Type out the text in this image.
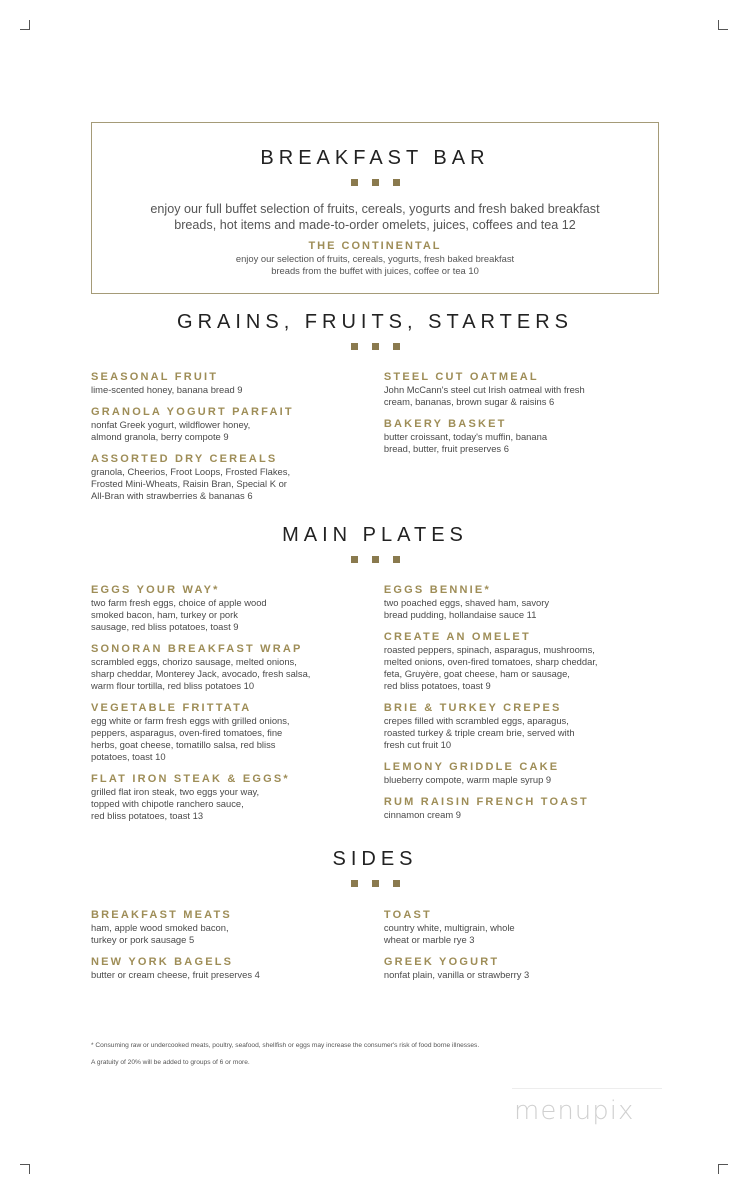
BREAKFAST BAR
enjoy our full buffet selection of fruits, cereals, yogurts and fresh baked breakfast
breads, hot items and made-to-order omelets, juices, coffees and tea 12
THE CONTINENTAL
enjoy our selection of fruits, cereals, yogurts, fresh baked breakfast
breads from the buffet with juices, coffee or tea 10
GRAINS, FRUITS, STARTERS
SEASONAL FRUIT
lime-scented honey, banana bread 9
GRANOLA YOGURT PARFAIT
nonfat Greek yogurt, wildflower honey,
almond granola, berry compote 9
ASSORTED DRY CEREALS
granola, Cheerios, Froot Loops, Frosted Flakes,
Frosted Mini-Wheats, Raisin Bran, Special K or
All-Bran with strawberries & bananas 6
STEEL CUT OATMEAL
John McCann's steel cut Irish oatmeal with fresh
cream, bananas, brown sugar & raisins 6
BAKERY BASKET
butter croissant, today's muffin, banana
bread, butter, fruit preserves 6
MAIN PLATES
EGGS YOUR WAY*
two farm fresh eggs, choice of apple wood
smoked bacon, ham, turkey or pork
sausage, red bliss potatoes, toast 9
SONORAN BREAKFAST WRAP
scrambled eggs, chorizo sausage, melted onions,
sharp cheddar, Monterey Jack, avocado, fresh salsa,
warm flour tortilla, red bliss potatoes 10
VEGETABLE FRITTATA
egg white or farm fresh eggs with grilled onions,
peppers, asparagus, oven-fired tomatoes, fine
herbs, goat cheese, tomatillo salsa, red bliss
potatoes, toast 10
FLAT IRON STEAK & EGGS*
grilled flat iron steak, two eggs your way,
topped with chipotle ranchero sauce,
red bliss potatoes, toast 13
EGGS BENNIE*
two poached eggs, shaved ham, savory
bread pudding, hollandaise sauce 11
CREATE AN OMELET
roasted peppers, spinach, asparagus, mushrooms,
melted onions, oven-fired tomatoes, sharp cheddar,
feta, Gruyère, goat cheese, ham or sausage,
red bliss potatoes, toast 9
BRIE & TURKEY CREPES
crepes filled with scrambled eggs, aparagus,
roasted turkey & triple cream brie, served with
fresh cut fruit 10
LEMONY GRIDDLE CAKE
blueberry compote, warm maple syrup 9
RUM RAISIN FRENCH TOAST
cinnamon cream 9
SIDES
BREAKFAST MEATS
ham, apple wood smoked bacon,
turkey or pork sausage 5
NEW YORK BAGELS
butter or cream cheese, fruit preserves 4
TOAST
country white, multigrain, whole
wheat or marble rye 3
GREEK YOGURT
nonfat plain, vanilla or strawberry 3
* Consuming raw or undercooked meats, poultry, seafood, shellfish or eggs may increase the consumer's risk of food borne illnesses.
A gratuity of 20% will be added to groups of 6 or more.
menupix
